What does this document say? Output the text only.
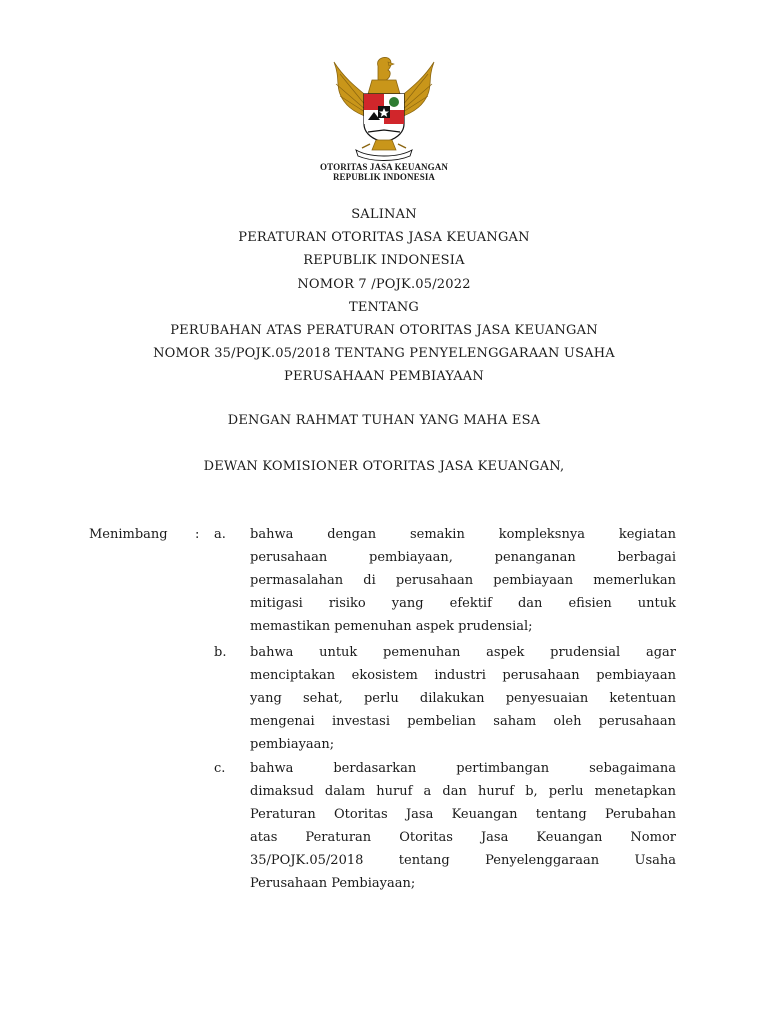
OTORITAS JASA KEUANGAN
REPUBLIK INDONESIA
SALINAN
PERATURAN OTORITAS JASA KEUANGAN
REPUBLIK INDONESIA
NOMOR 7 /POJK.05/2022
TENTANG
PERUBAHAN ATAS PERATURAN OTORITAS JASA KEUANGAN
NOMOR 35/POJK.05/2018 TENTANG PENYELENGGARAAN USAHA
PERUSAHAAN PEMBIAYAAN
DENGAN RAHMAT TUHAN YANG MAHA ESA
DEWAN KOMISIONER OTORITAS JASA KEUANGAN,
Menimbang : a. bahwa dengan semakin kompleksnya kegiatan
perusahaan pembiayaan, penanganan berbagai
permasalahan di perusahaan pembiayaan memerlukan
mitigasi risiko yang efektif dan efisien untuk
memastikan pemenuhan aspek prudensial;
b. bahwa untuk pemenuhan aspek prudensial agar
menciptakan ekosistem industri perusahaan pembiayaan
yang sehat, perlu dilakukan penyesuaian ketentuan
mengenai investasi pembelian saham oleh perusahaan
pembiayaan;
c. bahwa berdasarkan pertimbangan sebagaimana
dimaksud dalam huruf a dan huruf b, perlu menetapkan
Peraturan Otoritas Jasa Keuangan tentang Perubahan
atas Peraturan Otoritas Jasa Keuangan Nomor
35/POJK.05/2018 tentang Penyelenggaraan Usaha
Perusahaan Pembiayaan;
